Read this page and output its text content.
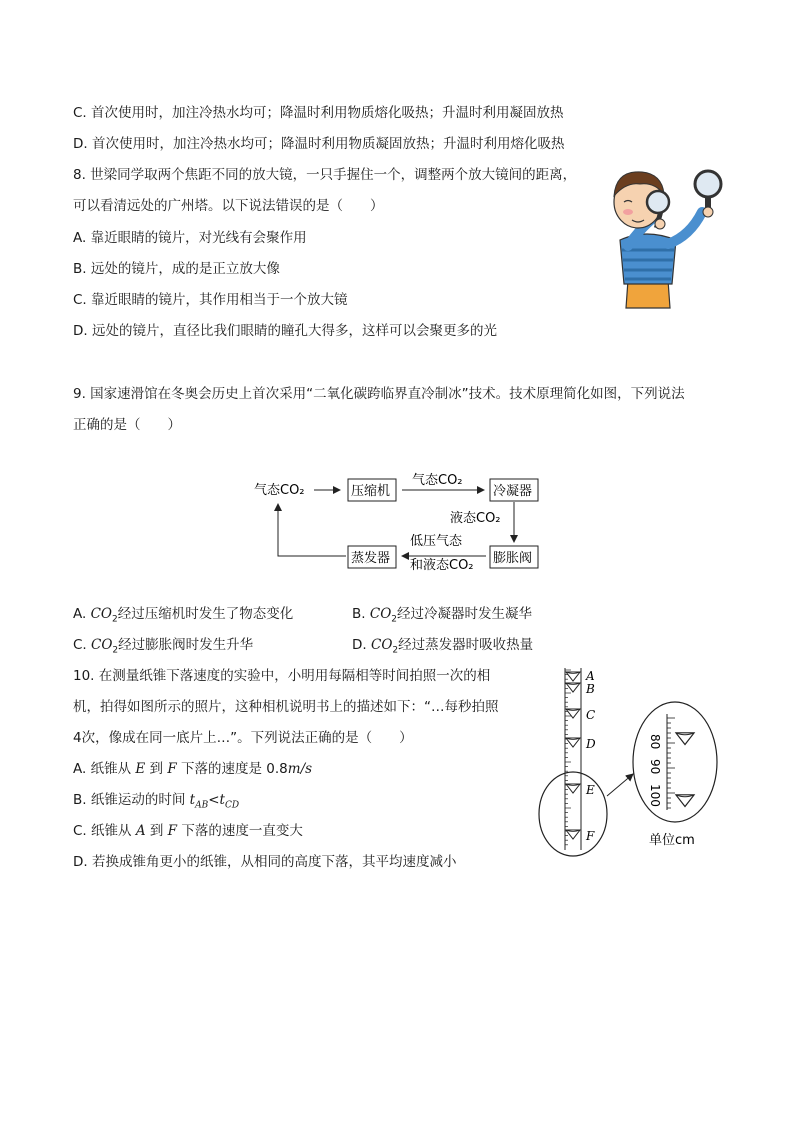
C. 首次使用时，加注冷热水均可；降温时利用物质熔化吸热；升温时利用凝固放热
D. 首次使用时，加注冷热水均可；降温时利用物质凝固放热；升温时利用熔化吸热
8. 世梁同学取两个焦距不同的放大镜，一只手握住一个，调整两个放大镜间的距离，
可以看清远处的广州塔。以下说法错误的是（　　）
A. 靠近眼睛的镜片，对光线有会聚作用
B. 远处的镜片，成的是正立放大像
C. 靠近眼睛的镜片，其作用相当于一个放大镜
D. 远处的镜片，直径比我们眼睛的瞳孔大得多，这样可以会聚更多的光
9. 国家速滑馆在冬奥会历史上首次采用“二氧化碳跨临界直冷制冰”技术。技术原理简化如图，下列说法
正确的是（　　）
气态CO₂	压缩机
气态CO₂
冷凝器
液态CO₂
膨胀阀
低压气态
和液态CO₂
蒸发器
A. $CO_2$经过压缩机时发生了物态变化	B. $CO_2$经过冷凝器时发生凝华
C. $CO_2$经过膨胀阀时发生升华	D. $CO_2$经过蒸发器时吸收热量
10. 在测量纸锥下落速度的实验中，小明用每隔相等时间拍照一次的相
机，拍得如图所示的照片，这种相机说明书上的描述如下：“…每秒拍照
4次，像成在同一底片上…”。下列说法正确的是（　　）
A. 纸锥从 E 到 F 下落的速度是 0.8m/s
B. 纸锥运动的时间 $t_{AB}<t_{CD}$
C. 纸锥从 A 到 F 下落的速度一直变大
D. 若换成锥角更小的纸锥，从相同的高度下落，其平均速度减小
A
B
C
D
E
F
80
90
100
单位cm
